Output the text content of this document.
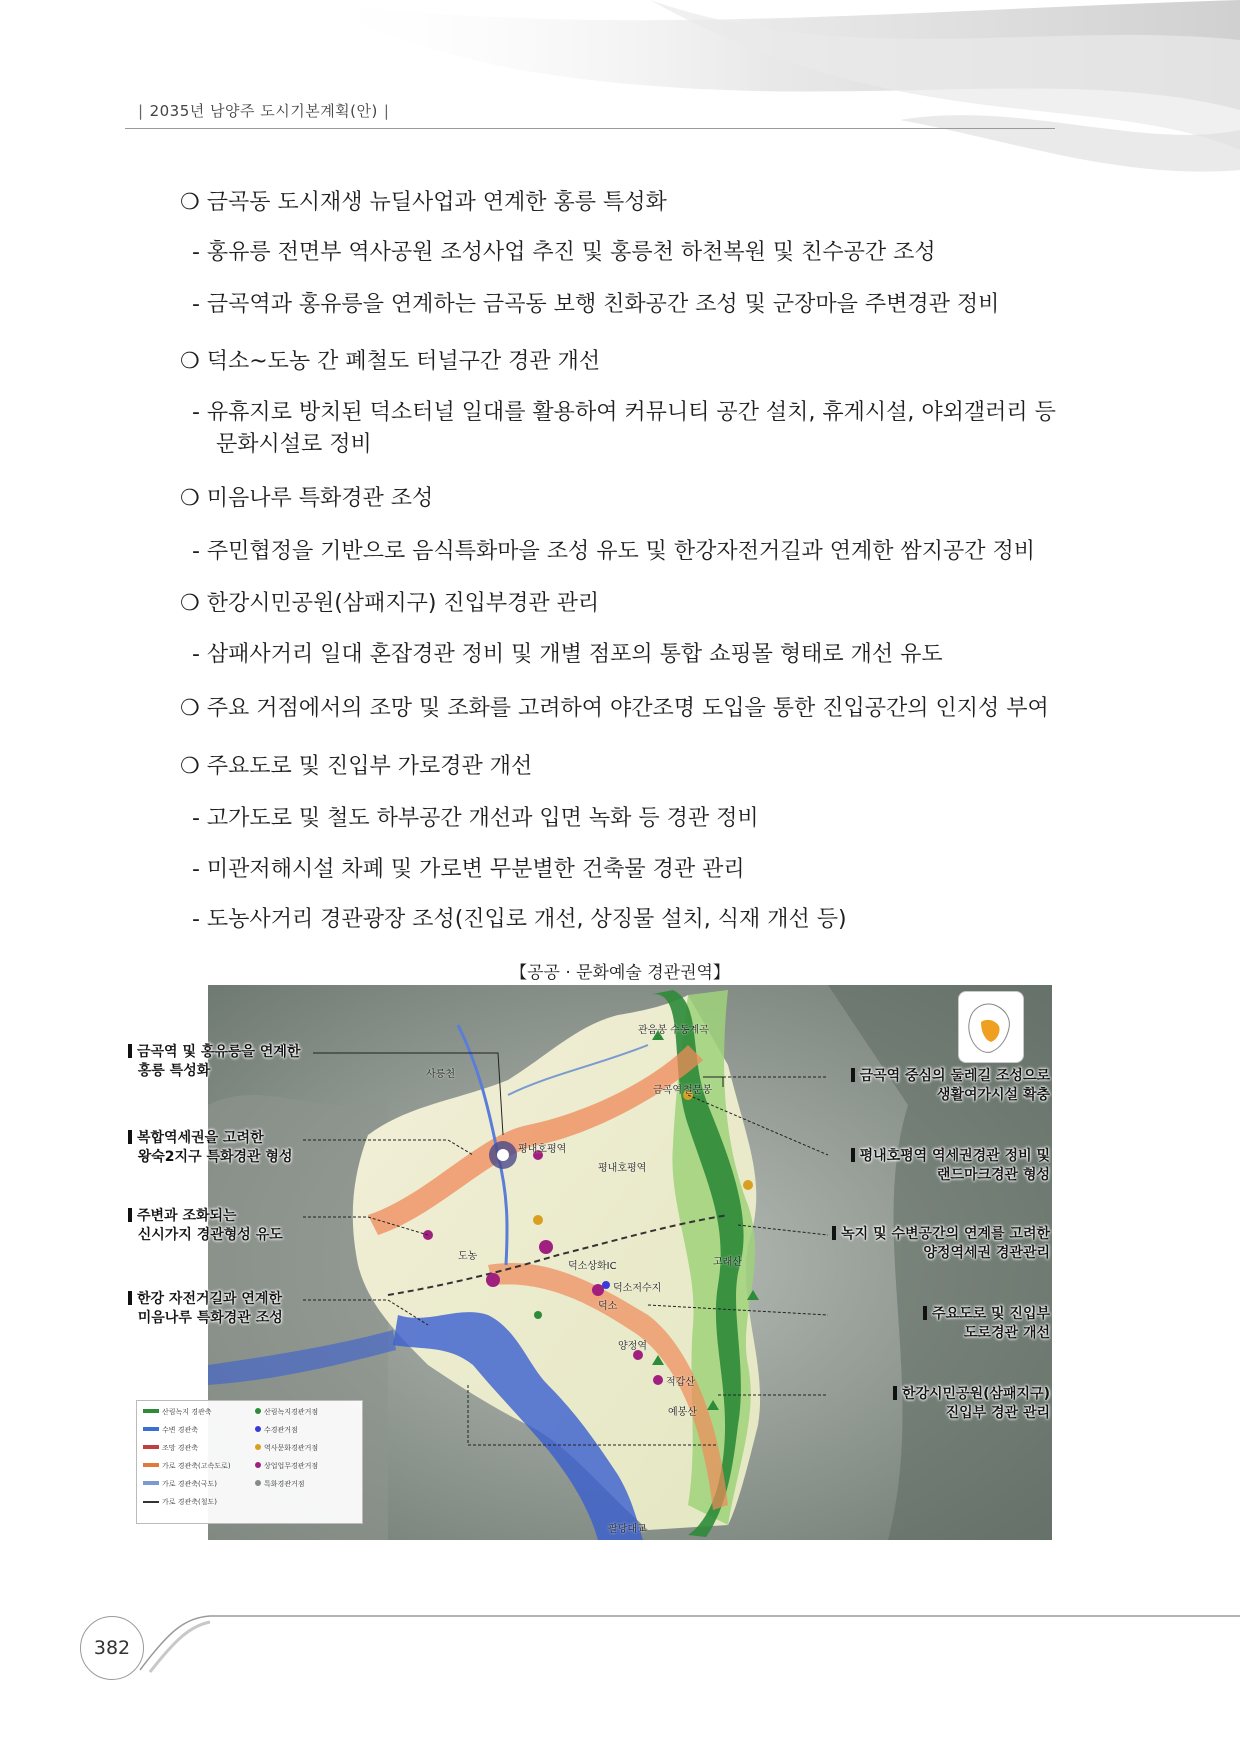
| 2035년 남양주 도시기본계획(안) |
❍ 금곡동 도시재생 뉴딜사업과 연계한 홍릉 특성화
- 홍유릉 전면부 역사공원 조성사업 추진 및 홍릉천 하천복원 및 친수공간 조성
- 금곡역과 홍유릉을 연계하는 금곡동 보행 친화공간 조성 및 군장마을 주변경관 정비
❍ 덕소~도농 간 폐철도 터널구간 경관 개선
- 유휴지로 방치된 덕소터널 일대를 활용하여 커뮤니티 공간 설치, 휴게시설, 야외갤러리 등 문화시설로 정비
❍ 미음나루 특화경관 조성
- 주민협정을 기반으로 음식특화마을 조성 유도 및 한강자전거길과 연계한 쌈지공간 정비
❍ 한강시민공원(삼패지구) 진입부경관 관리
- 삼패사거리 일대 혼잡경관 정비 및 개별 점포의 통합 쇼핑몰 형태로 개선 유도
❍ 주요 거점에서의 조망 및 조화를 고려하여 야간조명 도입을 통한 진입공간의 인지성 부여
❍ 주요도로 및 진입부 가로경관 개선
- 고가도로 및 철도 하부공간 개선과 입면 녹화 등 경관 정비
- 미관저해시설 차폐 및 가로변 무분별한 건축물 경관 관리
- 도농사거리 경관광장 조성(진입로 개선, 상징물 설치, 식재 개선 등)
【공공 · 문화예술 경관권역】
관음봉 수동계곡
사릉천
금곡역
평내호평역
덕소상화IC
덕소
도농
양정역
고래산
덕소저수지
예봉산
적갑산
철문봉
팔당대교
평내호평역
금곡역 및 홍유릉을 연계한
홍릉 특성화
복합역세권을 고려한
왕숙2지구 특화경관 형성
주변과 조화되는
신시가지 경관형성 유도
한강 자전거길과 연계한
미음나루 특화경관 조성
금곡역 중심의 둘레길 조성으로
생활여가시설 확충
평내호평역 역세권경관 정비 및
랜드마크경관 형성
녹지 및 수변공간의 연계를 고려한
양정역세권 경관관리
주요도로 및 진입부
도로경관 개선
한강시민공원(삼패지구)
진입부 경관 관리
산림녹지 경관축
수변 경관축
조망 경관축
가로 경관축(고속도로)
가로 경관축(국도)
가로 경관축(철도)
산림녹지경관거점
수경관거점
역사문화경관거점
상업업무경관거점
특화경관거점
382
